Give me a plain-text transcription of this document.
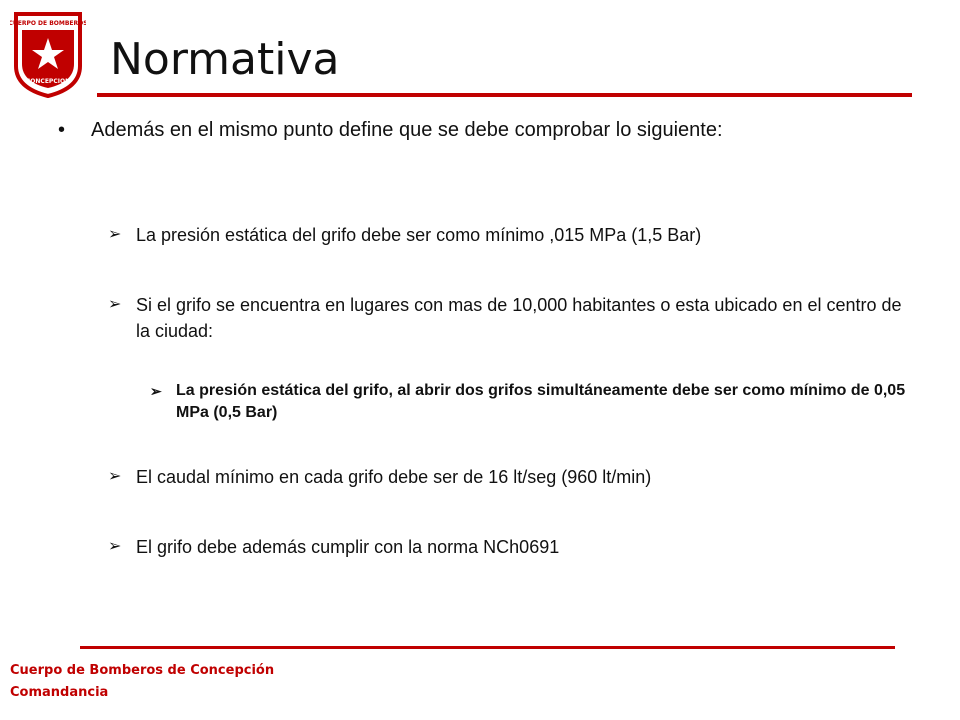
CUERPO DE BOMBEROS
CONCEPCION Normativa
•	Además en el mismo punto define que se debe comprobar lo siguiente:
➢ La presión estática del grifo debe ser como mínimo ,015 MPa (1,5 Bar)
➢ Si el grifo se encuentra en lugares con mas de 10,000 habitantes o esta ubicado en el centro de la ciudad:
➢ La presión estática del grifo, al abrir dos grifos simultáneamente debe ser como mínimo de 0,05 MPa (0,5 Bar)
➢ El caudal mínimo en cada grifo debe ser de 16 lt/seg (960 lt/min)
➢ El grifo debe además cumplir con la norma NCh0691
Cuerpo de Bomberos de Concepción
Comandancia
